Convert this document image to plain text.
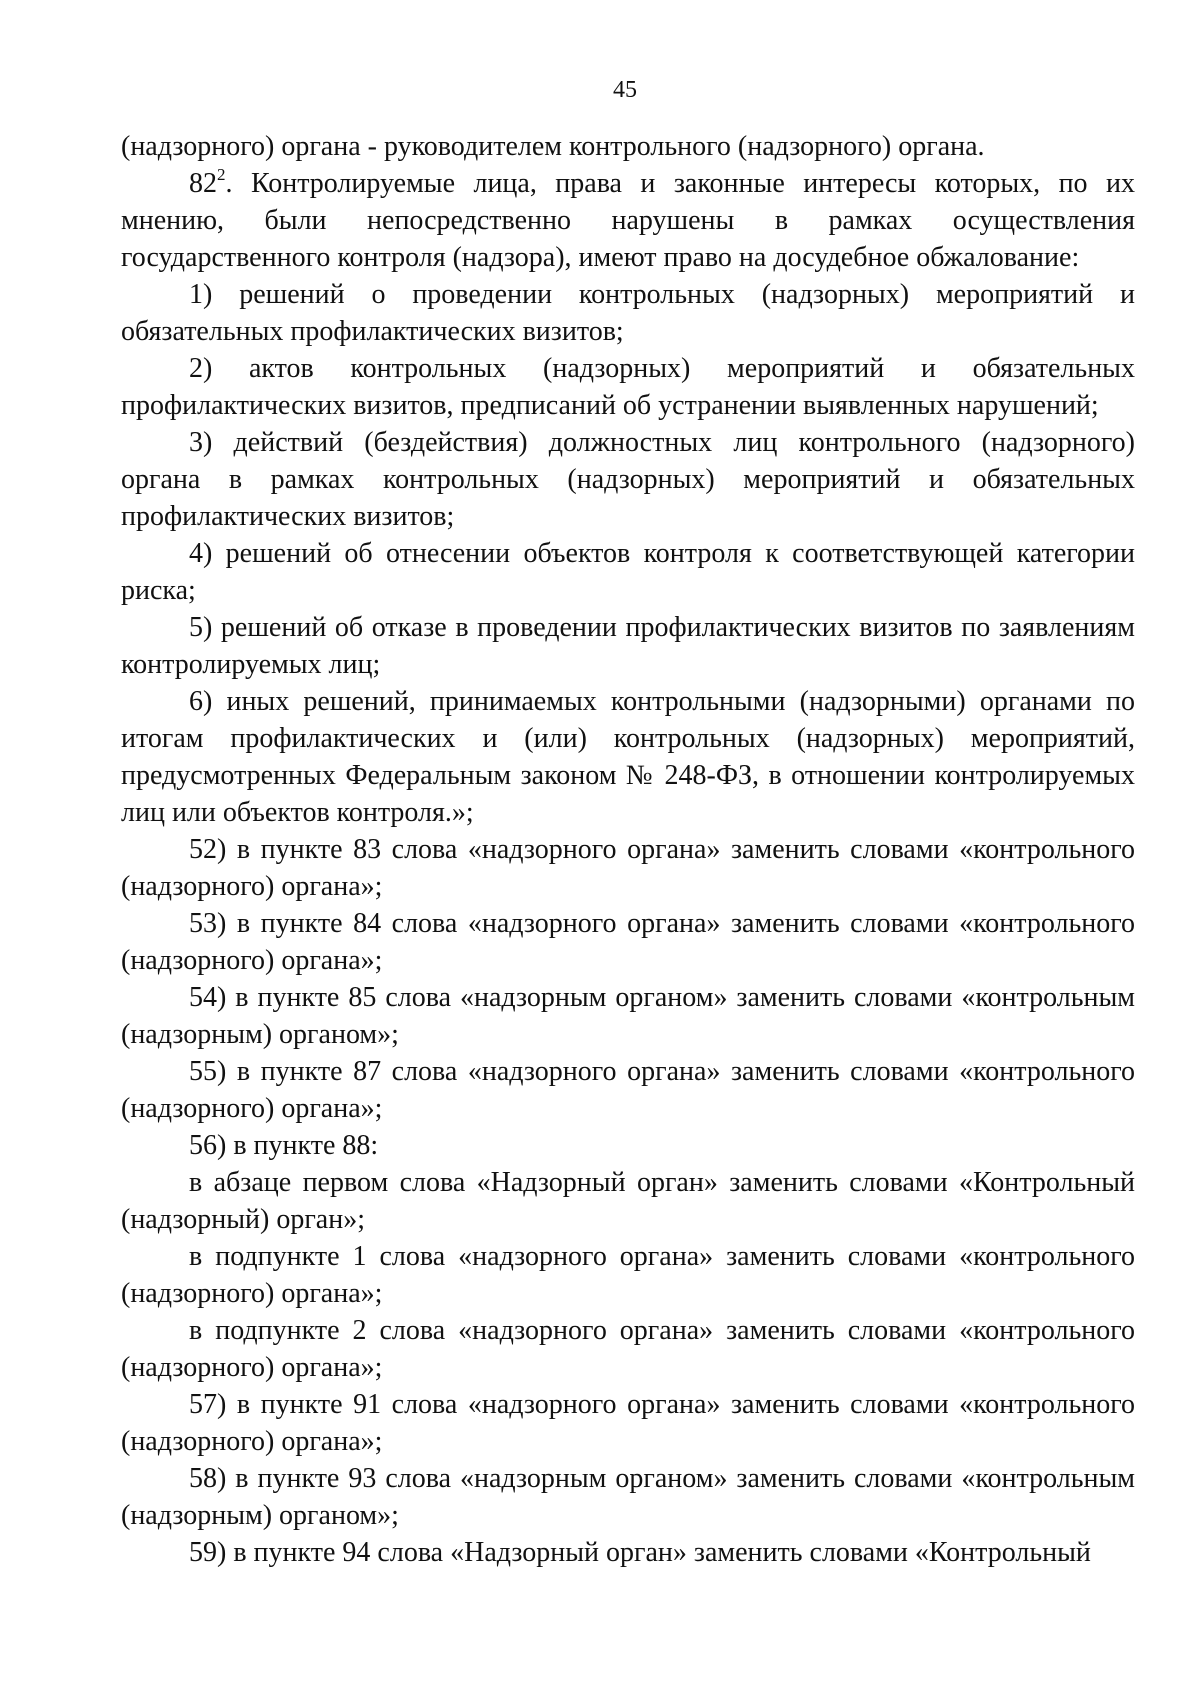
45

(надзорного) органа - руководителем контрольного (надзорного) органа.

$82^2$. Контролируемые лица, права и законные интересы которых, по их мнению, были непосредственно нарушены в рамках осуществления государственного контроля (надзора), имеют право на досудебное обжалование:

1) решений о проведении контрольных (надзорных) мероприятий и обязательных профилактических визитов;

2) актов контрольных (надзорных) мероприятий и обязательных профилактических визитов, предписаний об устранении выявленных нарушений;

3) действий (бездействия) должностных лиц контрольного (надзорного) органа в рамках контрольных (надзорных) мероприятий и обязательных профилактических визитов;

4) решений об отнесении объектов контроля к соответствующей категории риска;

5) решений об отказе в проведении профилактических визитов по заявлениям контролируемых лиц;

6) иных решений, принимаемых контрольными (надзорными) органами по итогам профилактических и (или) контрольных (надзорных) мероприятий, предусмотренных Федеральным законом № 248-ФЗ, в отношении контролируемых лиц или объектов контроля.»;

52) в пункте 83 слова «надзорного органа» заменить словами «контрольного (надзорного) органа»;

53) в пункте 84 слова «надзорного органа» заменить словами «контрольного (надзорного) органа»;

54) в пункте 85 слова «надзорным органом» заменить словами «контрольным (надзорным) органом»;

55) в пункте 87 слова «надзорного органа» заменить словами «контрольного (надзорного) органа»;

56) в пункте 88:

в абзаце первом слова «Надзорный орган» заменить словами «Контрольный (надзорный) орган»;

в подпункте 1 слова «надзорного органа» заменить словами «контрольного (надзорного) органа»;

в подпункте 2 слова «надзорного органа» заменить словами «контрольного (надзорного) органа»;

57) в пункте 91 слова «надзорного органа» заменить словами «контрольного (надзорного) органа»;

58) в пункте 93 слова «надзорным органом» заменить словами «контрольным (надзорным) органом»;

59) в пункте 94 слова «Надзорный орган» заменить словами «Контрольный
